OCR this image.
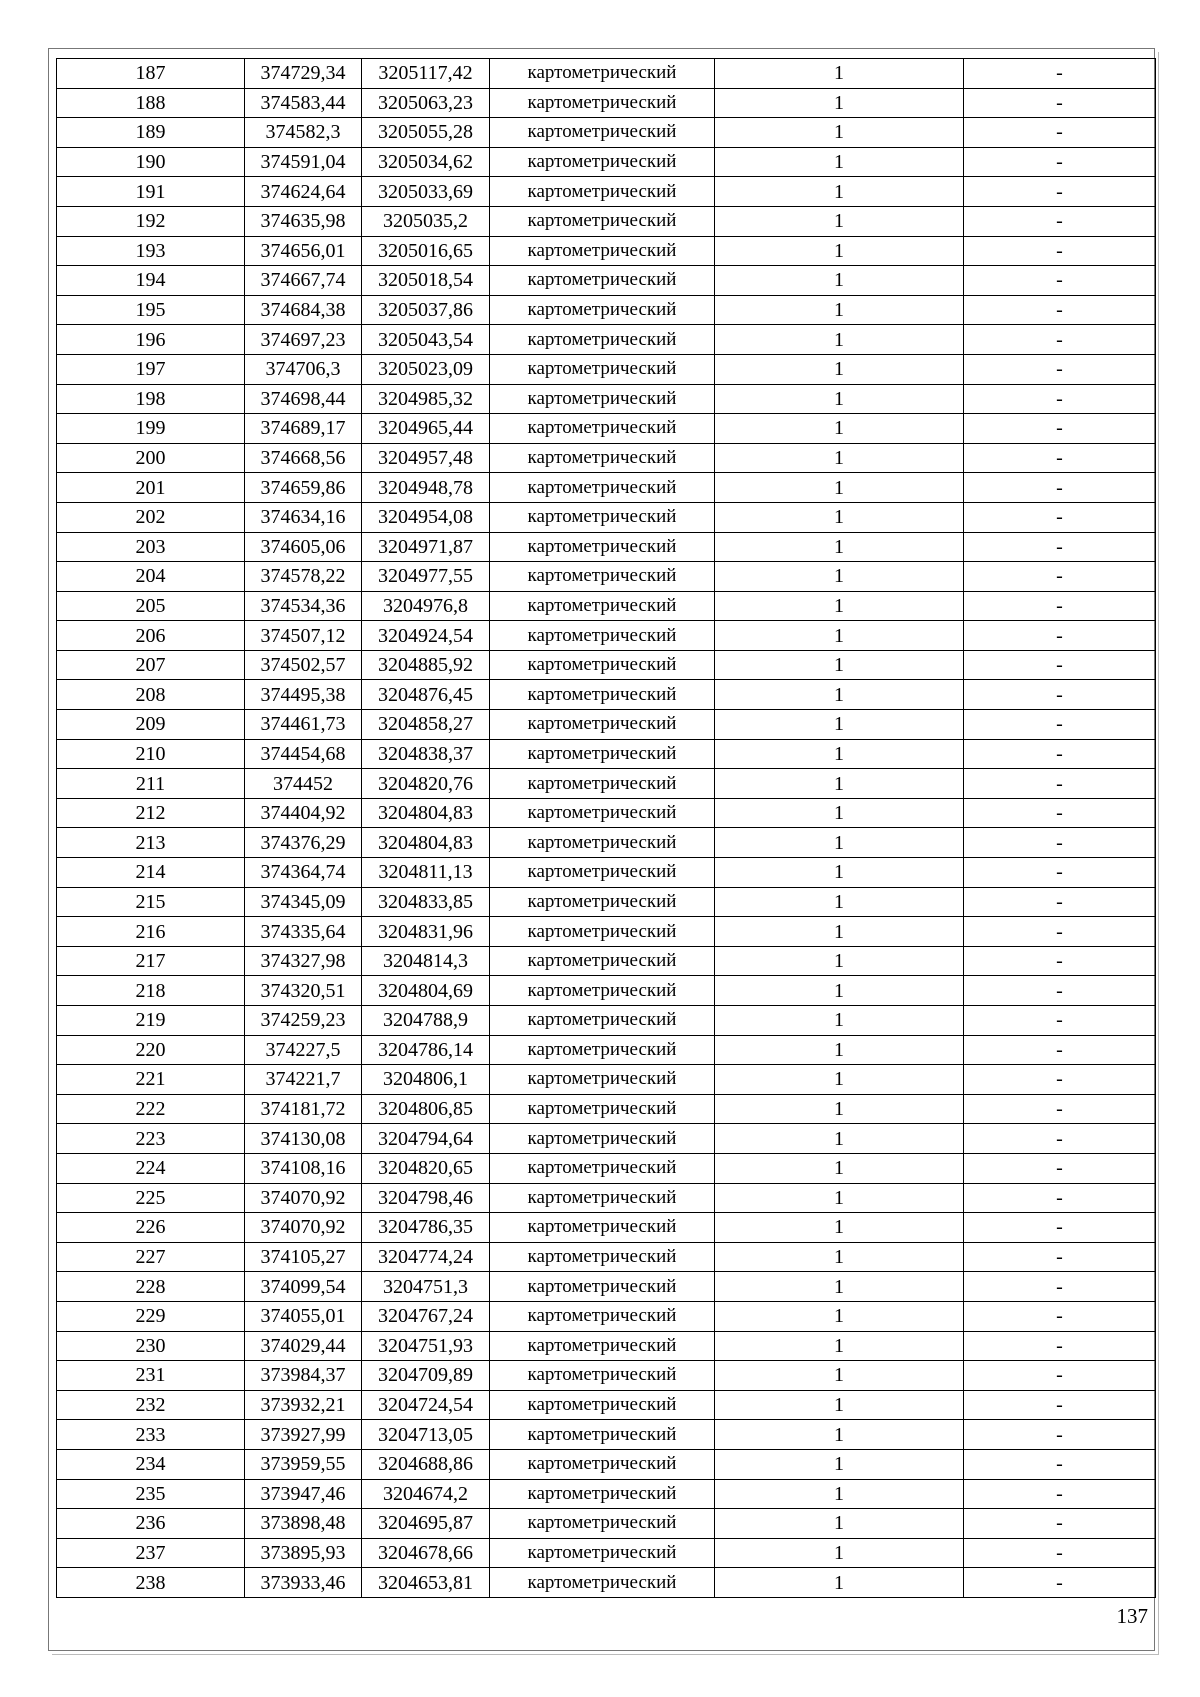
187	374729,34	3205117,42	картометрический	1	-
188	374583,44	3205063,23	картометрический	1	-
189	374582,3	3205055,28	картометрический	1	-
190	374591,04	3205034,62	картометрический	1	-
191	374624,64	3205033,69	картометрический	1	-
192	374635,98	3205035,2	картометрический	1	-
193	374656,01	3205016,65	картометрический	1	-
194	374667,74	3205018,54	картометрический	1	-
195	374684,38	3205037,86	картометрический	1	-
196	374697,23	3205043,54	картометрический	1	-
197	374706,3	3205023,09	картометрический	1	-
198	374698,44	3204985,32	картометрический	1	-
199	374689,17	3204965,44	картометрический	1	-
200	374668,56	3204957,48	картометрический	1	-
201	374659,86	3204948,78	картометрический	1	-
202	374634,16	3204954,08	картометрический	1	-
203	374605,06	3204971,87	картометрический	1	-
204	374578,22	3204977,55	картометрический	1	-
205	374534,36	3204976,8	картометрический	1	-
206	374507,12	3204924,54	картометрический	1	-
207	374502,57	3204885,92	картометрический	1	-
208	374495,38	3204876,45	картометрический	1	-
209	374461,73	3204858,27	картометрический	1	-
210	374454,68	3204838,37	картометрический	1	-
211	374452	3204820,76	картометрический	1	-
212	374404,92	3204804,83	картометрический	1	-
213	374376,29	3204804,83	картометрический	1	-
214	374364,74	3204811,13	картометрический	1	-
215	374345,09	3204833,85	картометрический	1	-
216	374335,64	3204831,96	картометрический	1	-
217	374327,98	3204814,3	картометрический	1	-
218	374320,51	3204804,69	картометрический	1	-
219	374259,23	3204788,9	картометрический	1	-
220	374227,5	3204786,14	картометрический	1	-
221	374221,7	3204806,1	картометрический	1	-
222	374181,72	3204806,85	картометрический	1	-
223	374130,08	3204794,64	картометрический	1	-
224	374108,16	3204820,65	картометрический	1	-
225	374070,92	3204798,46	картометрический	1	-
226	374070,92	3204786,35	картометрический	1	-
227	374105,27	3204774,24	картометрический	1	-
228	374099,54	3204751,3	картометрический	1	-
229	374055,01	3204767,24	картометрический	1	-
230	374029,44	3204751,93	картометрический	1	-
231	373984,37	3204709,89	картометрический	1	-
232	373932,21	3204724,54	картометрический	1	-
233	373927,99	3204713,05	картометрический	1	-
234	373959,55	3204688,86	картометрический	1	-
235	373947,46	3204674,2	картометрический	1	-
236	373898,48	3204695,87	картометрический	1	-
237	373895,93	3204678,66	картометрический	1	-
238	373933,46	3204653,81	картометрический	1	-
137
